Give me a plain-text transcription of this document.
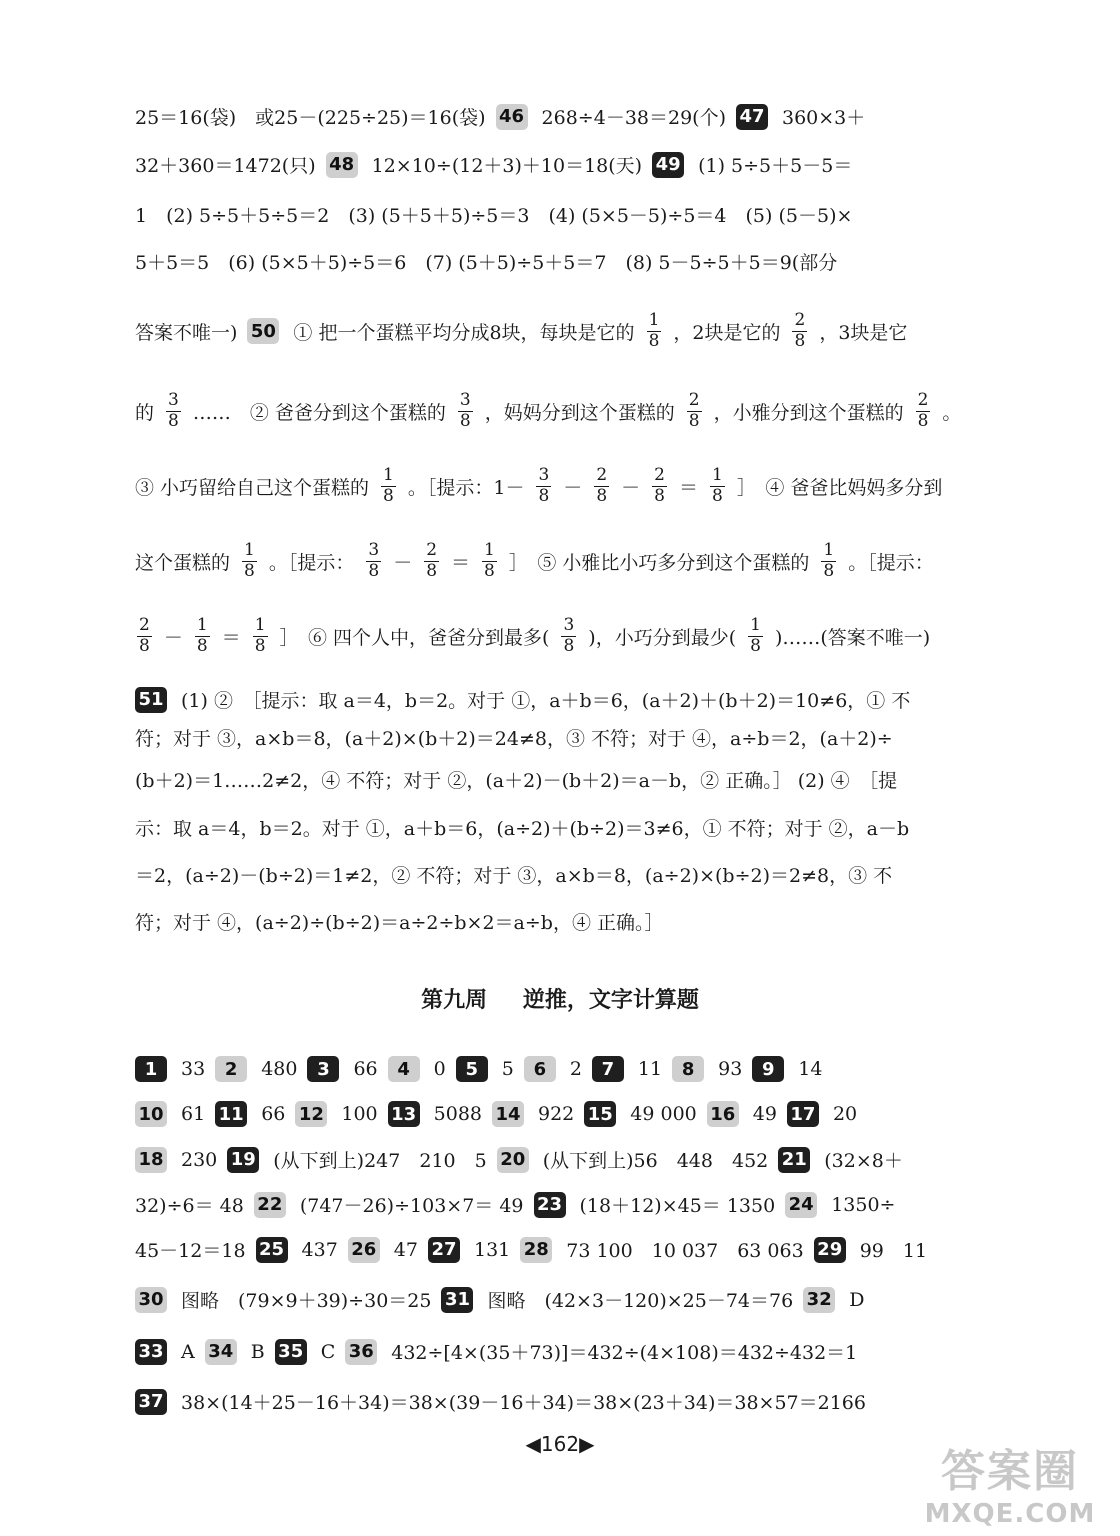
25＝16(袋)　或25－(225÷25)＝16(袋) 46 268÷4－38＝29(个) 47 360×3＋
32＋360＝1472(只) 48 12×10÷(12＋3)＋10＝18(天) 49 (1) 5÷5＋5－5＝
1　(2) 5÷5＋5÷5＝2　(3) (5＋5＋5)÷5＝3　(4) (5×5－5)÷5＝4　(5) (5－5)×
5＋5＝5　(6) (5×5＋5)÷5＝6　(7) (5＋5)÷5＋5＝7　(8) 5－5÷5＋5＝9(部分
答案不唯一) 50 ① 把一个蛋糕平均分成8块，每块是它的 $\frac{1}{8}$ ，2块是它的 $\frac{2}{8}$ ，3块是它
的 $\frac{3}{8}$ ……　② 爸爸分到这个蛋糕的 $\frac{3}{8}$ ，妈妈分到这个蛋糕的 $\frac{2}{8}$ ，小雅分到这个蛋糕的 $\frac{2}{8}$ 。
③ 小巧留给自己这个蛋糕的 $\frac{1}{8}$ 。［提示：$1- \frac{3}{8} - \frac{2}{8} - \frac{2}{8} = \frac{1}{8}$ ］　④ 爸爸比妈妈多分到
这个蛋糕的 $\frac{1}{8}$ 。［提示： $\frac{3}{8} - \frac{2}{8} = \frac{1}{8}$ ］　⑤ 小雅比小巧多分到这个蛋糕的 $\frac{1}{8}$ 。［提示：
$\frac{2}{8} - \frac{1}{8} = \frac{1}{8}$ ］　⑥ 四个人中，爸爸分到最多( $\frac{3}{8}$ )，小巧分到最少( $\frac{1}{8}$ )……(答案不唯一)
51 (1) ②　［提示：取 a＝4，b＝2。对于 ①，a＋b＝6，(a＋2)＋(b＋2)＝10≠6，① 不
符；对于 ③，a×b＝8，(a＋2)×(b＋2)＝24≠8，③ 不符；对于 ④，a÷b＝2，(a＋2)÷
(b＋2)＝1……2≠2，④ 不符；对于 ②，(a＋2)－(b＋2)＝a－b，② 正确。］ (2) ④　［提
示：取 a＝4，b＝2。对于 ①，a＋b＝6，(a÷2)＋(b÷2)＝3≠6，① 不符；对于 ②，a－b
＝2，(a÷2)－(b÷2)＝1≠2，② 不符；对于 ③，a×b＝8，(a÷2)×(b÷2)＝2≠8，③ 不
符；对于 ④，(a÷2)÷(b÷2)＝a÷2÷b×2＝a÷b，④ 正确。］
1	33	2	480	3	66	4	0	5	5	6	2	7	11	8	93	9	14
10 61 11 66 12 100 13 5088 14 922 15 49 000 16 49 17 20
18 230 19 (从下到上)247　210　5 20 (从下到上)56　448　452 21 (32×8＋
32)÷6＝ 48 22 (747－26)÷103×7＝ 49 23 (18＋12)×45＝ 1350 24 1350÷
45－12＝18 25 437 26 47 27 131 28 73 100　10 037　63 063 29 99　11
30 图略　(79×9＋39)÷30＝25 31 图略　(42×3－120)×25－74＝76 32 D
33 A 34 B 35 C 36 432÷[4×(35＋73)]＝432÷(4×108)＝432÷432＝1
37 38×(14＋25－16＋34)＝38×(39－16＋34)＝38×(23＋34)＝38×57＝2166
第九周 逆推，文字计算题
◀162▶
答案圈
MXQE.COM
